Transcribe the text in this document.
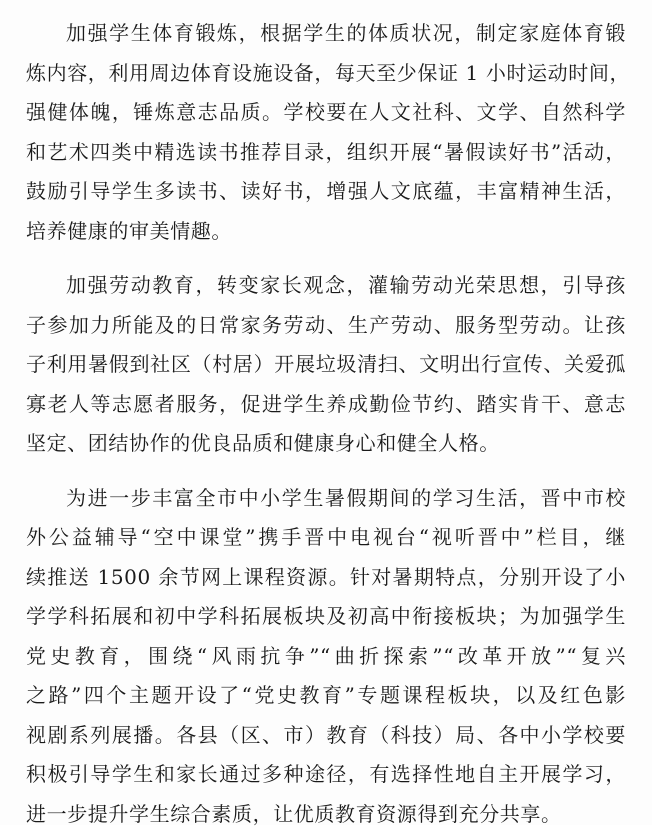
加强学生体育锻炼，根据学生的体质状况，制定家庭体育锻
炼内容，利用周边体育设施设备，每天至少保证 1 小时运动时间，
强健体魄，锤炼意志品质。学校要在人文社科、文学、自然科学
和艺术四类中精选读书推荐目录，组织开展“暑假读好书”活动，
鼓励引导学生多读书、读好书，增强人文底蕴，丰富精神生活，
培养健康的审美情趣。
加强劳动教育，转变家长观念，灌输劳动光荣思想，引导孩
子参加力所能及的日常家务劳动、生产劳动、服务型劳动。让孩
子利用暑假到社区（村居）开展垃圾清扫、文明出行宣传、关爱孤
寡老人等志愿者服务，促进学生养成勤俭节约、踏实肯干、意志
坚定、团结协作的优良品质和健康身心和健全人格。
为进一步丰富全市中小学生暑假期间的学习生活，晋中市校
外公益辅导“空中课堂”携手晋中电视台“视听晋中”栏目，继
续推送 1500 余节网上课程资源。针对暑期特点，分别开设了小
学学科拓展和初中学科拓展板块及初高中衔接板块；为加强学生
党史教育，围绕“风雨抗争”“曲折探索”“改革开放”“复兴
之路”四个主题开设了“党史教育”专题课程板块，以及红色影
视剧系列展播。各县（区、市）教育（科技）局、各中小学校要
积极引导学生和家长通过多种途径，有选择性地自主开展学习，
进一步提升学生综合素质，让优质教育资源得到充分共享。
